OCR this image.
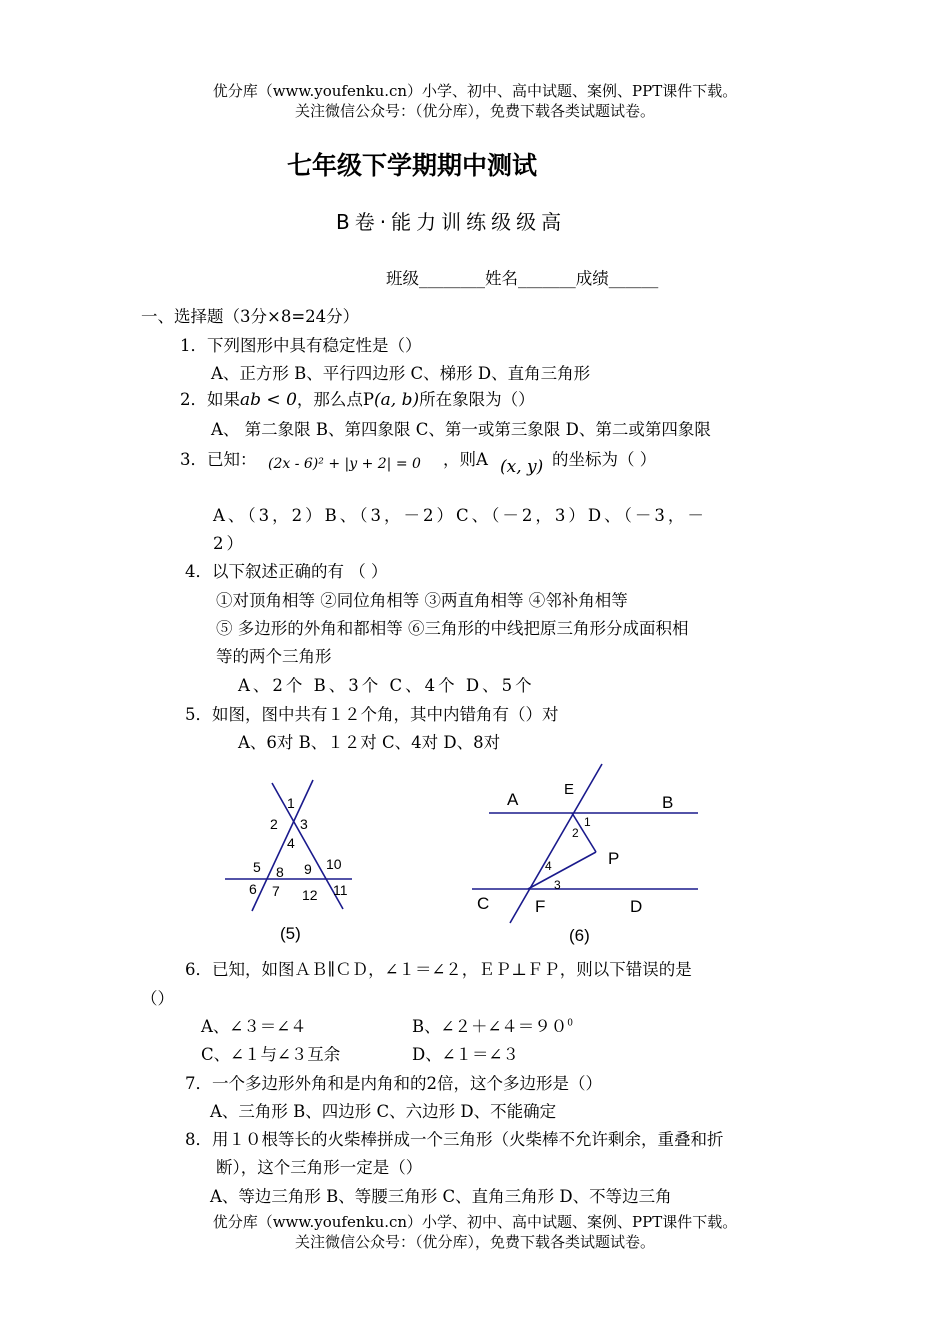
优分库（www.youfenku.cn）小学、初中、高中试题、案例、PPT课件下载。
关注微信公众号：（优分库），免费下载各类试题试卷。
七年级下学期期中测试
B卷·能力训练级级高
班级________姓名_______成绩______
一、选择题（3分×8=24分）
1．下列图形中具有稳定性是（）
A、正方形 B、平行四边形 C、梯形 D、直角三角形
2．如果ab < 0，那么点P(a, b)所在象限为（）
A、 第二象限 B、第四象限 C、第一或第三象限 D、第二或第四象限
3．已知： (2x - 6)² + |y + 2| = 0 ，则A (x, y) 的坐标为（ ）
A、（3，2）B、（3，－2）C、（－2，3）D、（－3，－
2）
4．以下叙述正确的有 （ ）
①对顶角相等 ②同位角相等 ③两直角相等 ④邻补角相等
⑤ 多边形的外角和都相等 ⑥三角形的中线把原三角形分成面积相
等的两个三角形
A、2个 B、3个 C、4个 D、5个
5．如图，图中共有１２个角，其中内错角有（）对
A、6对 B、１２对 C、4对 D、8对
1
2 3
4
5 8 9 10
6 7 12 11
(5)
A
E
B
1
2
P
4
3
C	F	D
(6)
6．已知，如图ＡＢ∥ＣＤ，∠１＝∠２，ＥＰ⊥ＦＰ，则以下错误的是
（）
A、∠３＝∠４	B、$\angle 2+\angle 4=90^0$
C、∠１与∠３互余	D、∠１＝∠３
7．一个多边形外角和是内角和的2倍，这个多边形是（）
A、三角形 B、四边形 C、六边形 D、不能确定
8．用１０根等长的火柴棒拼成一个三角形（火柴棒不允许剩余，重叠和折
断），这个三角形一定是（）
A、等边三角形 B、等腰三角形 C、直角三角形 D、不等边三角
优分库（www.youfenku.cn）小学、初中、高中试题、案例、PPT课件下载。
关注微信公众号：（优分库），免费下载各类试题试卷。
